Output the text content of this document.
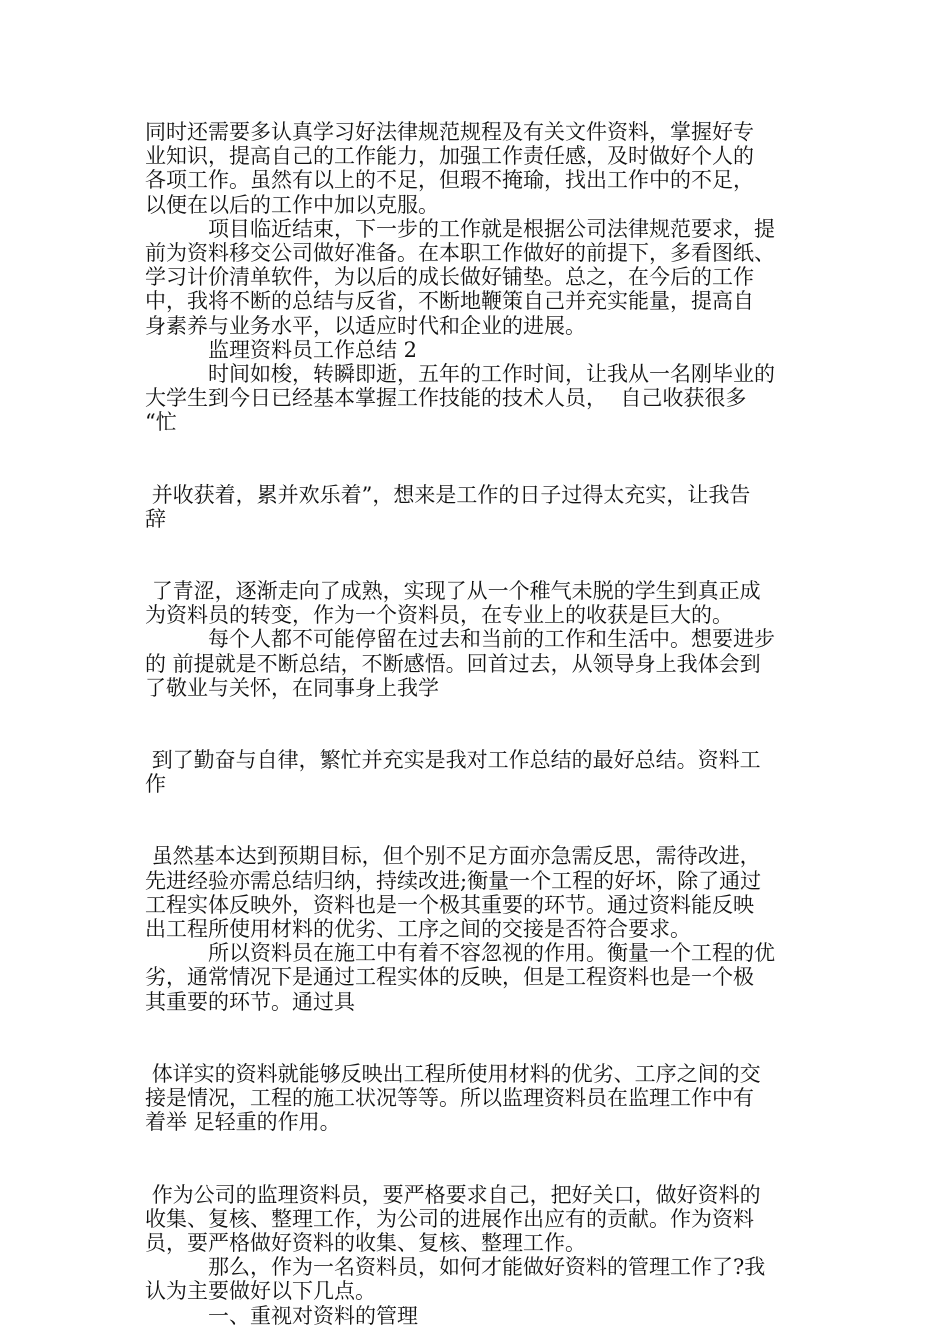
同时还需要多认真学习好法律规范规程及有关文件资料，掌握好专

业知识，提高自己的工作能力，加强工作责任感，及时做好个人的

各项工作。虽然有以上的不足，但瑕不掩瑜，找出工作中的不足，

以便在以后的工作中加以克服。

　　　项目临近结束，下一步的工作就是根据公司法律规范要求，提

前为资料移交公司做好准备。在本职工作做好的前提下，多看图纸、

学习计价清单软件，为以后的成长做好铺垫。总之，在今后的工作

中，我将不断的总结与反省，不断地鞭策自己并充实能量，提高自

身素养与业务水平，以适应时代和企业的进展。

　　　监理资料员工作总结 2

　　　时间如梭，转瞬即逝，五年的工作时间，让我从一名刚毕业的

大学生到今日已经基本掌握工作技能的技术人员，  自己收获很多

“忙

并收获着，累并欢乐着”，想来是工作的日子过得太充实，让我告

辞

了青涩，逐渐走向了成熟，实现了从一个稚气未脱的学生到真正成

为资料员的转变，作为一个资料员，在专业上的收获是巨大的。

　　　每个人都不可能停留在过去和当前的工作和生活中。想要进步

的 前提就是不断总结，不断感悟。回首过去，从领导身上我体会到

了敬业与关怀，在同事身上我学

到了勤奋与自律，繁忙并充实是我对工作总结的最好总结。资料工

作

虽然基本达到预期目标，但个别不足方面亦急需反思，需待改进，

先进经验亦需总结归纳，持续改进;衡量一个工程的好坏，除了通过

工程实体反映外，资料也是一个极其重要的环节。通过资料能反映

出工程所使用材料的优劣、工序之间的交接是否符合要求。

　　　所以资料员在施工中有着不容忽视的作用。衡量一个工程的优

劣，通常情况下是通过工程实体的反映，但是工程资料也是一个极

其重要的环节。通过具

体详实的资料就能够反映出工程所使用材料的优劣、工序之间的交

接是情况，工程的施工状况等等。所以监理资料员在监理工作中有

着举 足轻重的作用。

作为公司的监理资料员，要严格要求自己，把好关口，做好资料的

收集、复核、整理工作，为公司的进展作出应有的贡献。作为资料

员，要严格做好资料的收集、复核、整理工作。

　　　那么，作为一名资料员，如何才能做好资料的管理工作了?我

认为主要做好以下几点。

　　　一、重视对资料的管理
